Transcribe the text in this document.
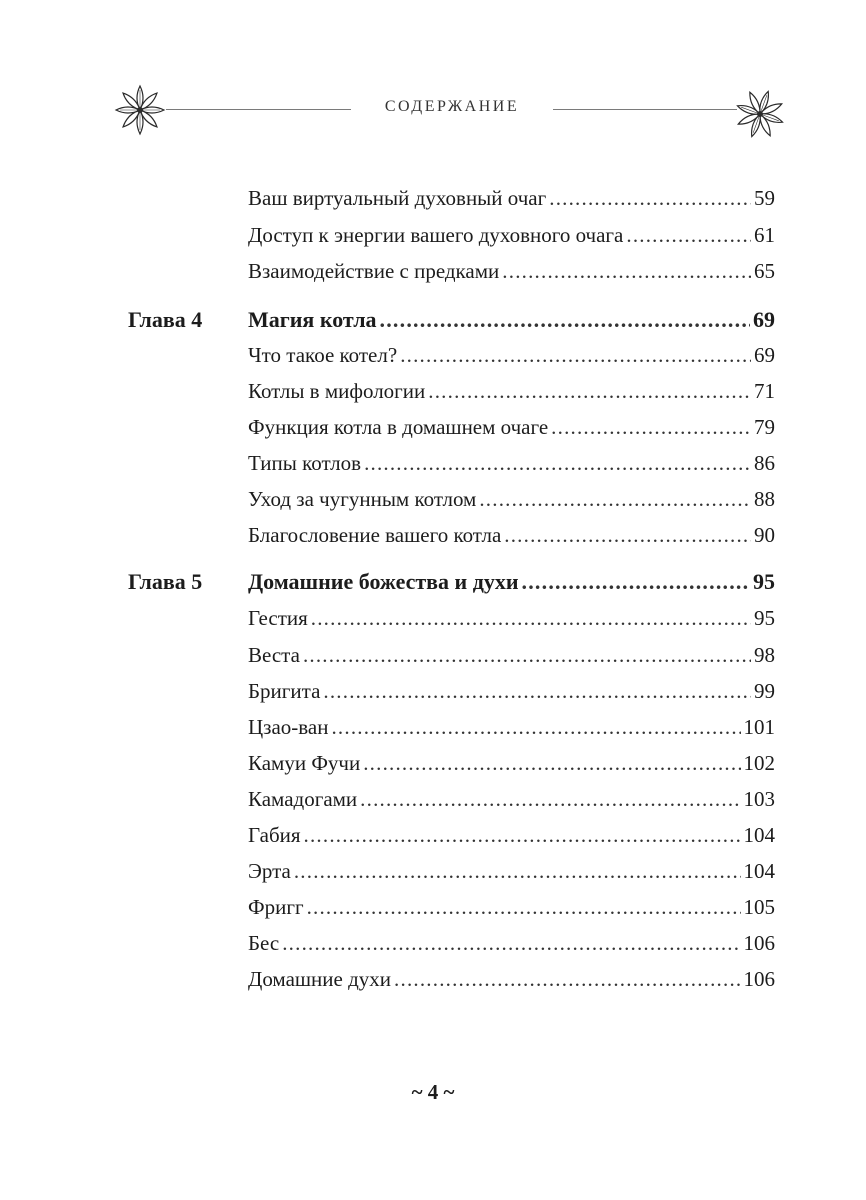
СОДЕРЖАНИЕ
Ваш виртуальный духовный очаг .....	59
Доступ к энергии вашего духовного очага .....	61
Взаимодействие с предками .....	65
Глава 4 Магия котла .....	69
Что такое котел? .....	69
Котлы в мифологии .....	71
Функция котла в домашнем очаге .....	79
Типы котлов .....	86
Уход за чугунным котлом .....	88
Благословение вашего котла .....	90
Глава 5 Домашние божества и духи .....	95
Гестия .....	95
Веста .....	98
Бригита .....	99
Цзао-ван .....	101
Камуи Фучи .....	102
Камадогами .....	103
Габия .....	104
Эрта .....	104
Фригг .....	105
Бес .....	106
Домашние духи .....	106
~ 4 ~
